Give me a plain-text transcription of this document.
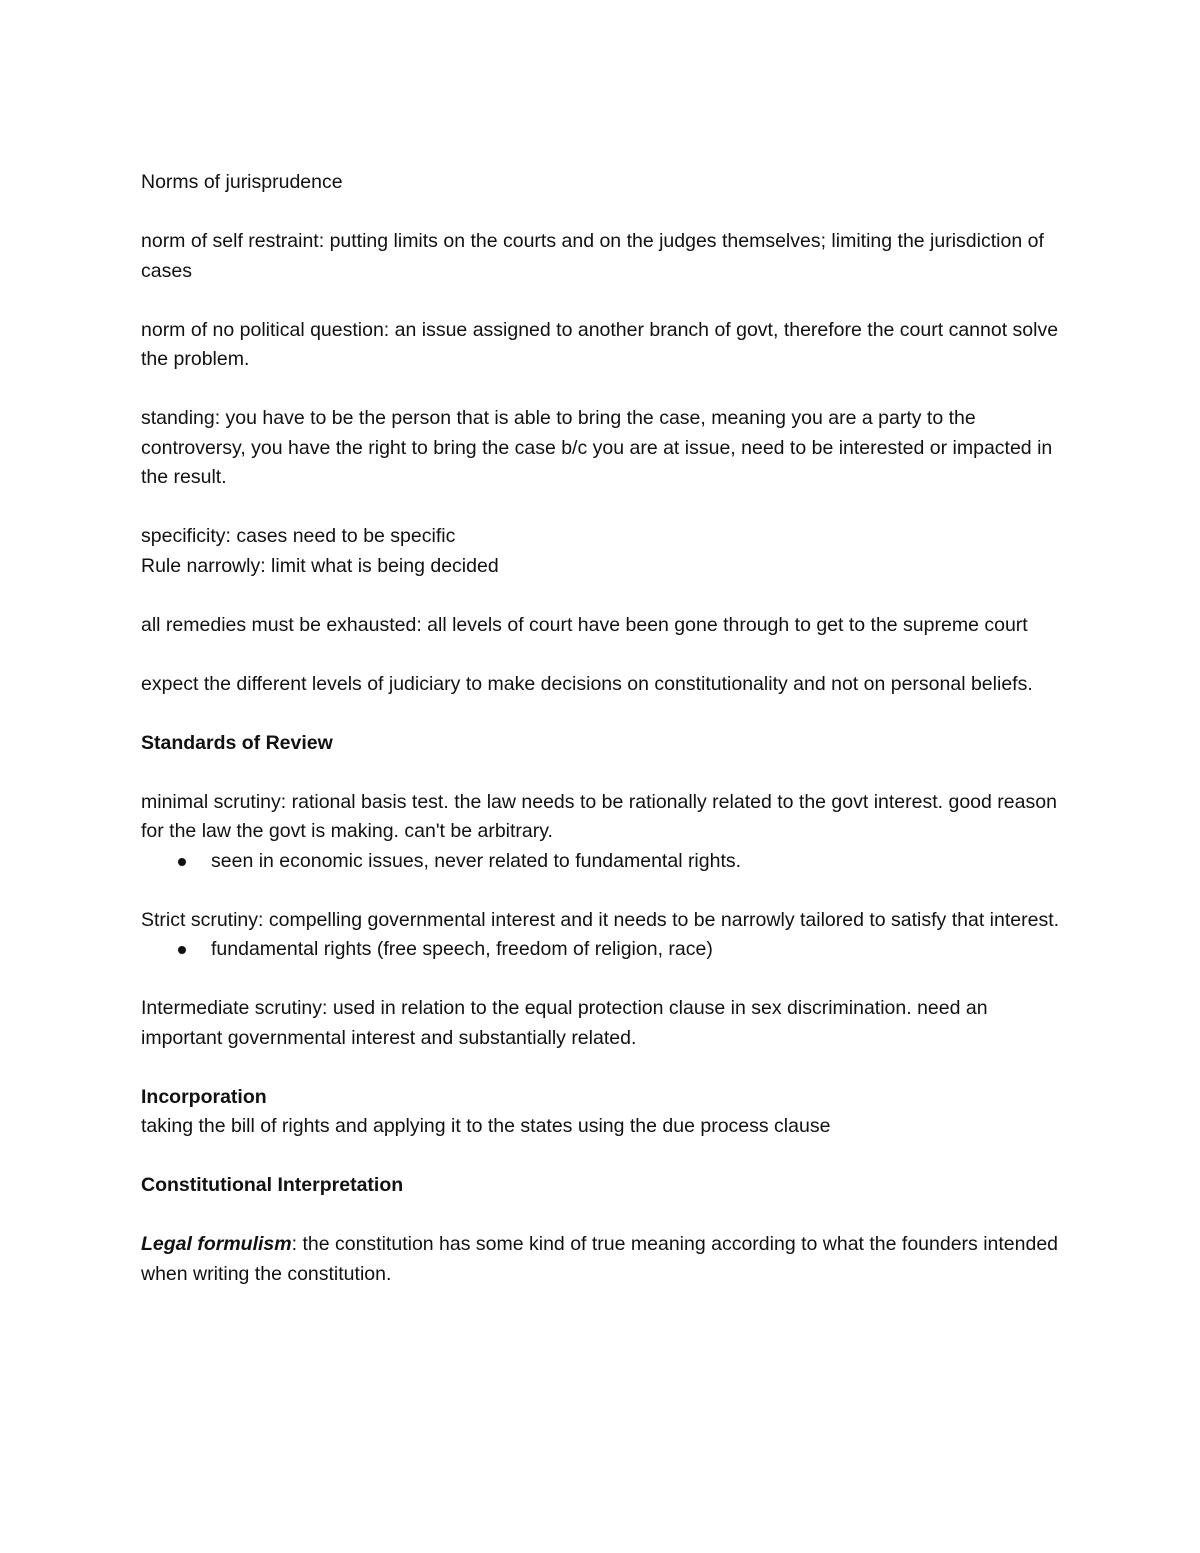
Norms of jurisprudence

norm of self restraint: putting limits on the courts and on the judges themselves; limiting the jurisdiction of cases

norm of no political question: an issue assigned to another branch of govt, therefore the court cannot solve the problem.

standing: you have to be the person that is able to bring the case, meaning you are a party to the controversy, you have the right to bring the case b/c you are at issue, need to be interested or impacted in the result.

specificity: cases need to be specific

Rule narrowly: limit what is being decided

all remedies must be exhausted: all levels of court have been gone through to get to the supreme court

expect the different levels of judiciary to make decisions on constitutionality and not on personal beliefs.

Standards of Review

minimal scrutiny: rational basis test. the law needs to be rationally related to the govt interest. good reason for the law the govt is making. can't be arbitrary.

seen in economic issues, never related to fundamental rights.

Strict scrutiny: compelling governmental interest and it needs to be narrowly tailored to satisfy that interest.

fundamental rights (free speech, freedom of religion, race)

Intermediate scrutiny: used in relation to the equal protection clause in sex discrimination. need an important governmental interest and substantially related.

Incorporation

taking the bill of rights and applying it to the states using the due process clause

Constitutional Interpretation

Legal formulism: the constitution has some kind of true meaning according to what the founders intended when writing the constitution.
